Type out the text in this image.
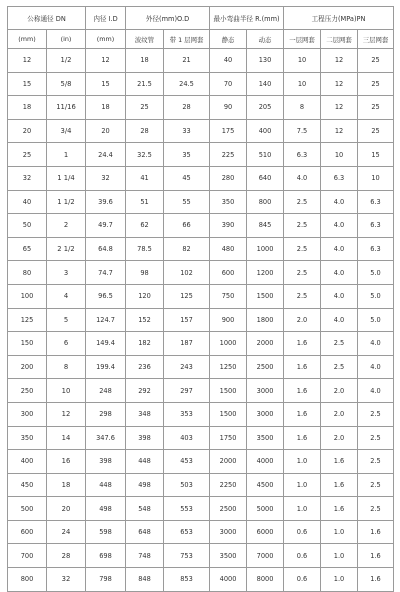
公称通径 DN		内径 I.D	外径(mm)O.D		最小弯曲半径 R.(mm)		工程压力(MPa)PN		
(mm)	(in)	(mm)	波纹管	带 1 层网套	静态	动态	一层网套	二层网套	三层网套
12	1/2	12	18	21	40	130	10	12	25
15	5/8	15	21.5	24.5	70	140	10	12	25
18	11/16	18	25	28	90	205	8	12	25
20	3/4	20	28	33	175	400	7.5	12	25
25	1	24.4	32.5	35	225	510	6.3	10	15
32	1 1/4	32	41	45	280	640	4.0	6.3	10
40	1 1/2	39.6	51	55	350	800	2.5	4.0	6.3
50	2	49.7	62	66	390	845	2.5	4.0	6.3
65	2 1/2	64.8	78.5	82	480	1000	2.5	4.0	6.3
80	3	74.7	98	102	600	1200	2.5	4.0	5.0
100	4	96.5	120	125	750	1500	2.5	4.0	5.0
125	5	124.7	152	157	900	1800	2.0	4.0	5.0
150	6	149.4	182	187	1000	2000	1.6	2.5	4.0
200	8	199.4	236	243	1250	2500	1.6	2.5	4.0
250	10	248	292	297	1500	3000	1.6	2.0	4.0
300	12	298	348	353	1500	3000	1.6	2.0	2.5
350	14	347.6	398	403	1750	3500	1.6	2.0	2.5
400	16	398	448	453	2000	4000	1.0	1.6	2.5
450	18	448	498	503	2250	4500	1.0	1.6	2.5
500	20	498	548	553	2500	5000	1.0	1.6	2.5
600	24	598	648	653	3000	6000	0.6	1.0	1.6
700	28	698	748	753	3500	7000	0.6	1.0	1.6
800	32	798	848	853	4000	8000	0.6	1.0	1.6
